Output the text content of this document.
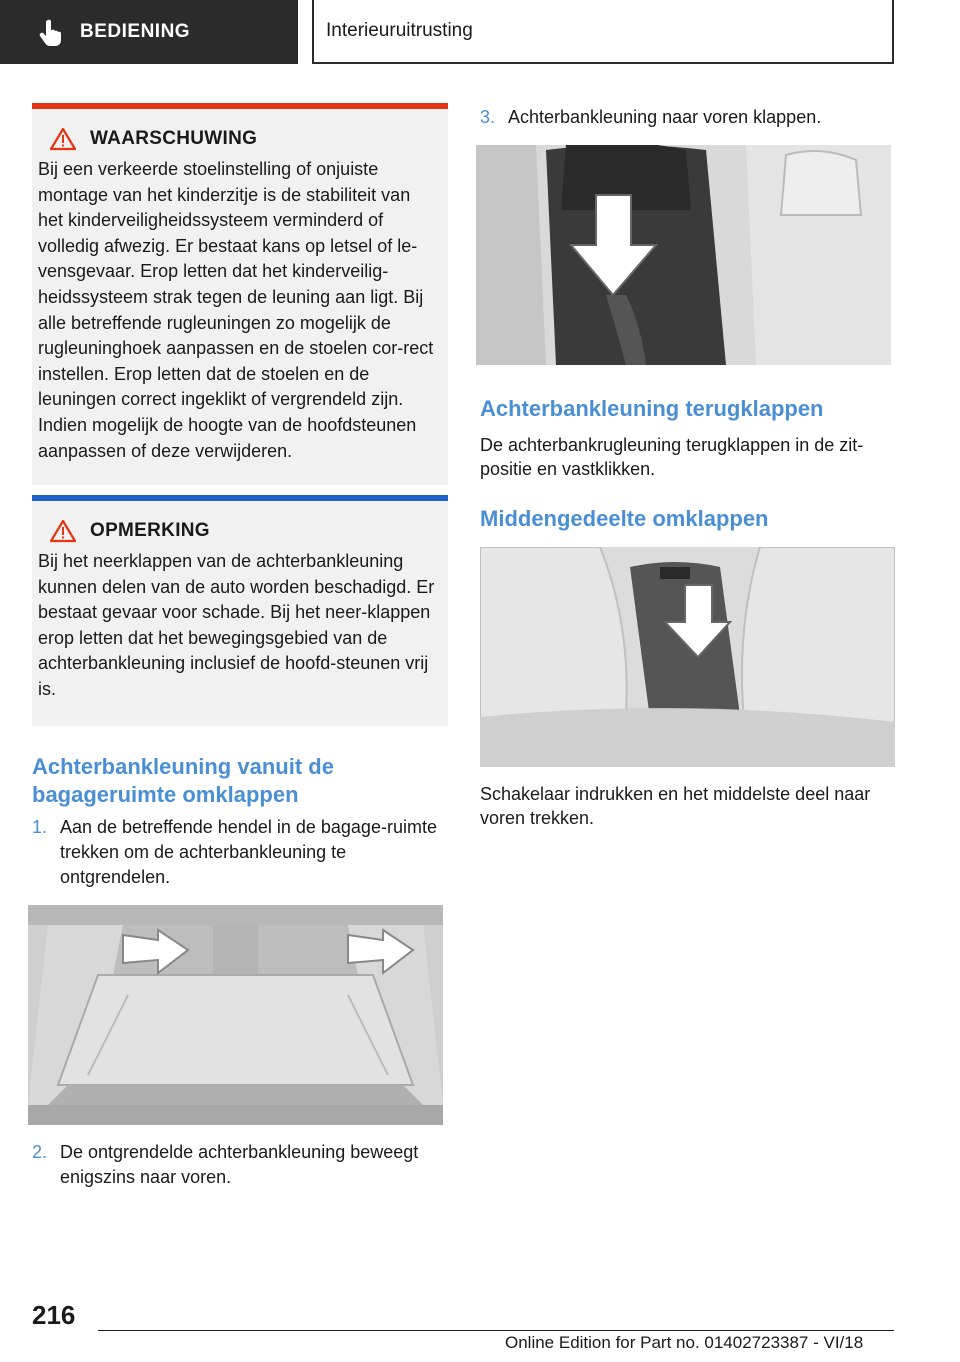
BEDIENING	Interieuruitrusting
WAARSCHUWING
Bij een verkeerde stoelinstelling of onjuiste montage van het kinderzitje is de stabiliteit van het kinderveiligheidssysteem verminderd of volledig afwezig. Er bestaat kans op letsel of le-vensgevaar. Erop letten dat het kinderveilig-heidssysteem strak tegen de leuning aan ligt. Bij alle betreffende rugleuningen zo mogelijk de rugleuninghoek aanpassen en de stoelen cor-rect instellen. Erop letten dat de stoelen en de leuningen correct ingeklikt of vergrendeld zijn. Indien mogelijk de hoogte van de hoofdsteunen aanpassen of deze verwijderen.
OPMERKING
Bij het neerklappen van de achterbankleuning kunnen delen van de auto worden beschadigd. Er bestaat gevaar voor schade. Bij het neer-klappen erop letten dat het bewegingsgebied van de achterbankleuning inclusief de hoofd-steunen vrij is.
Achterbankleuning vanuit de bagageruimte omklappen
1. Aan de betreffende hendel in de bagage-ruimte trekken om de achterbankleuning te ontgrendelen.
2. De ontgrendelde achterbankleuning beweegt enigszins naar voren.
3. Achterbankleuning naar voren klappen.
Achterbankleuning terugklappen
De achterbankrugleuning terugklappen in de zit-positie en vastklikken.
Middengedeelte omklappen
Schakelaar indrukken en het middelste deel naar voren trekken.
216
Online Edition for Part no. 01402723387 - VI/18
